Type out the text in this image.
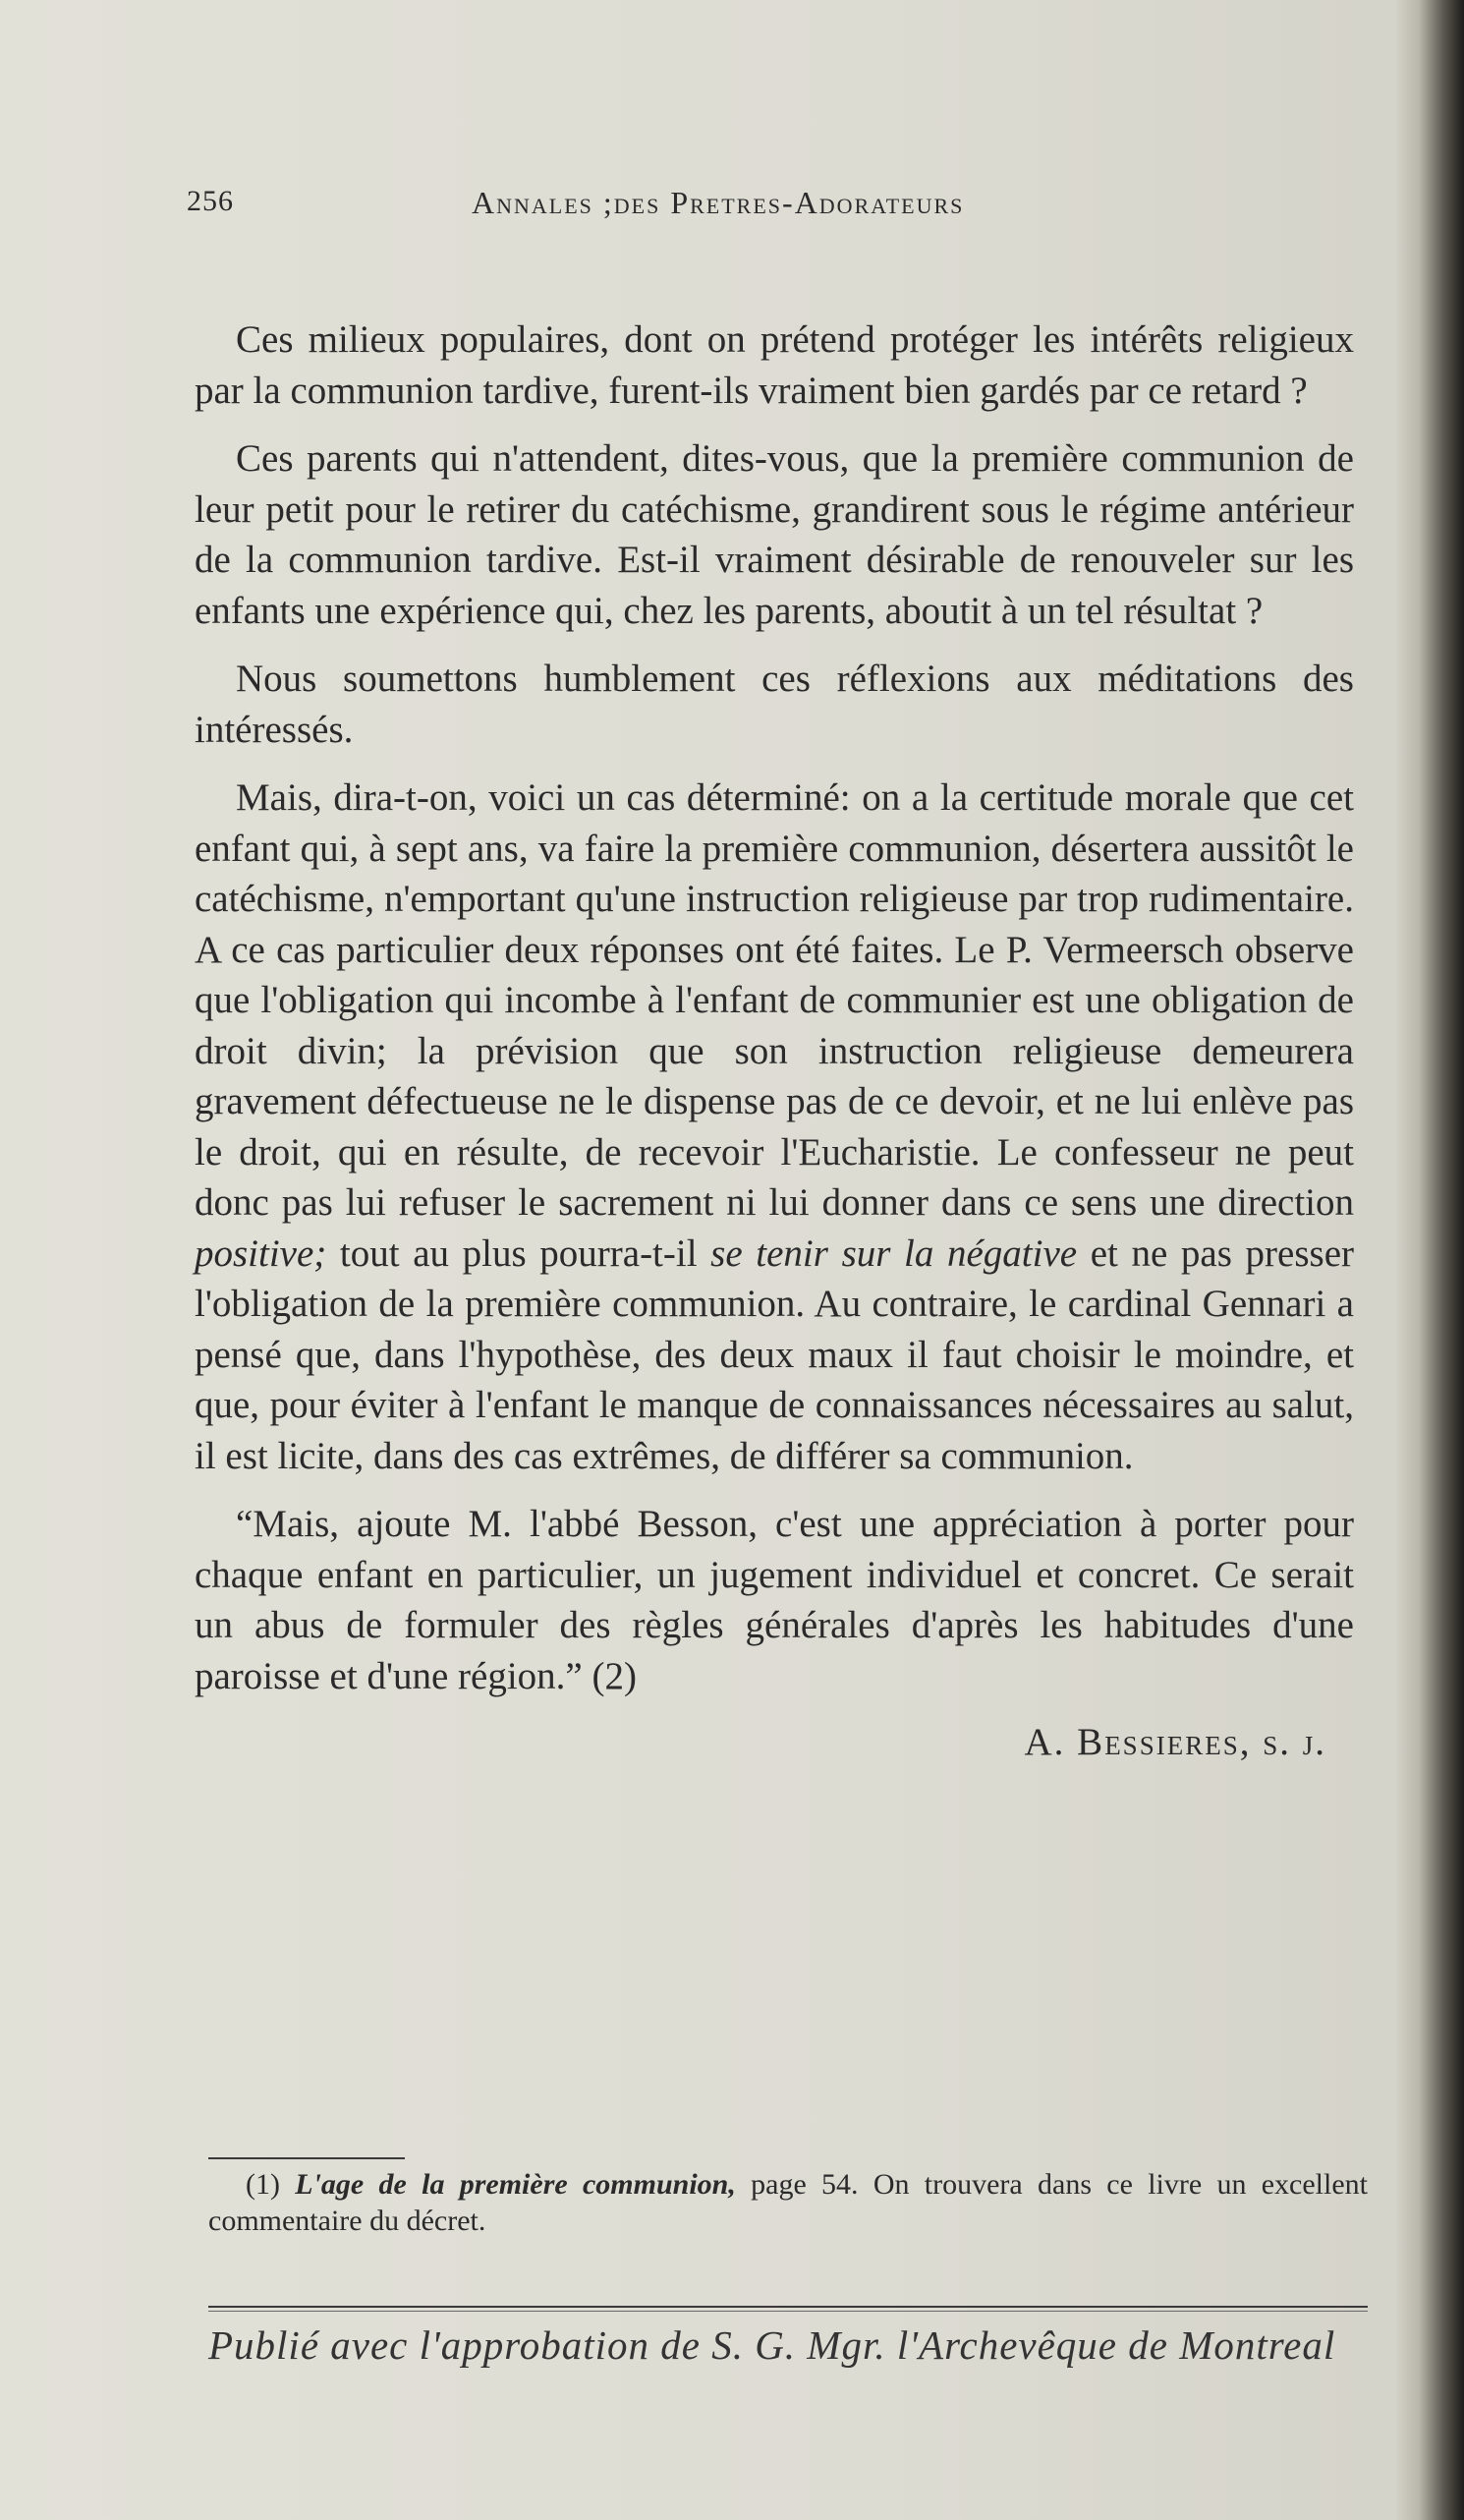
256	Annales ;des Pretres-Adorateurs

Ces milieux populaires, dont on prétend protéger les intérêts religieux par la communion tardive, furent-ils vraiment bien gardés par ce retard ?

Ces parents qui n'attendent, dites-vous, que la première communion de leur petit pour le retirer du catéchisme, grandirent sous le régime antérieur de la communion tardive. Est-il vraiment désirable de renouveler sur les enfants une expérience qui, chez les parents, aboutit à un tel résultat ?

Nous soumettons humblement ces réflexions aux méditations des intéressés.

Mais, dira-t-on, voici un cas déterminé: on a la certitude morale que cet enfant qui, à sept ans, va faire la première communion, désertera aussitôt le catéchisme, n'emportant qu'une instruction religieuse par trop rudimentaire. A ce cas particulier deux réponses ont été faites. Le P. Vermeersch observe que l'obligation qui incombe à l'enfant de communier est une obligation de droit divin; la prévision que son instruction religieuse demeurera gravement défectueuse ne le dispense pas de ce devoir, et ne lui enlève pas le droit, qui en résulte, de recevoir l'Eucharistie. Le confesseur ne peut donc pas lui refuser le sacrement ni lui donner dans ce sens une direction positive; tout au plus pourra-t-il se tenir sur la négative et ne pas presser l'obligation de la première communion. Au contraire, le cardinal Gennari a pensé que, dans l'hypothèse, des deux maux il faut choisir le moindre, et que, pour éviter à l'enfant le manque de connaissances nécessaires au salut, il est licite, dans des cas extrêmes, de différer sa communion.

“Mais, ajoute M. l'abbé Besson, c'est une appréciation à porter pour chaque enfant en particulier, un jugement individuel et concret. Ce serait un abus de formuler des règles générales d'après les habitudes d'une paroisse et d'une région.” (2)

A. Bessieres, s. j.
(1) L'age de la première communion, page 54. On trouvera dans ce livre un excellent commentaire du décret.
Publié avec l'approbation de S. G. Mgr. l'Archevêque de Montreal
